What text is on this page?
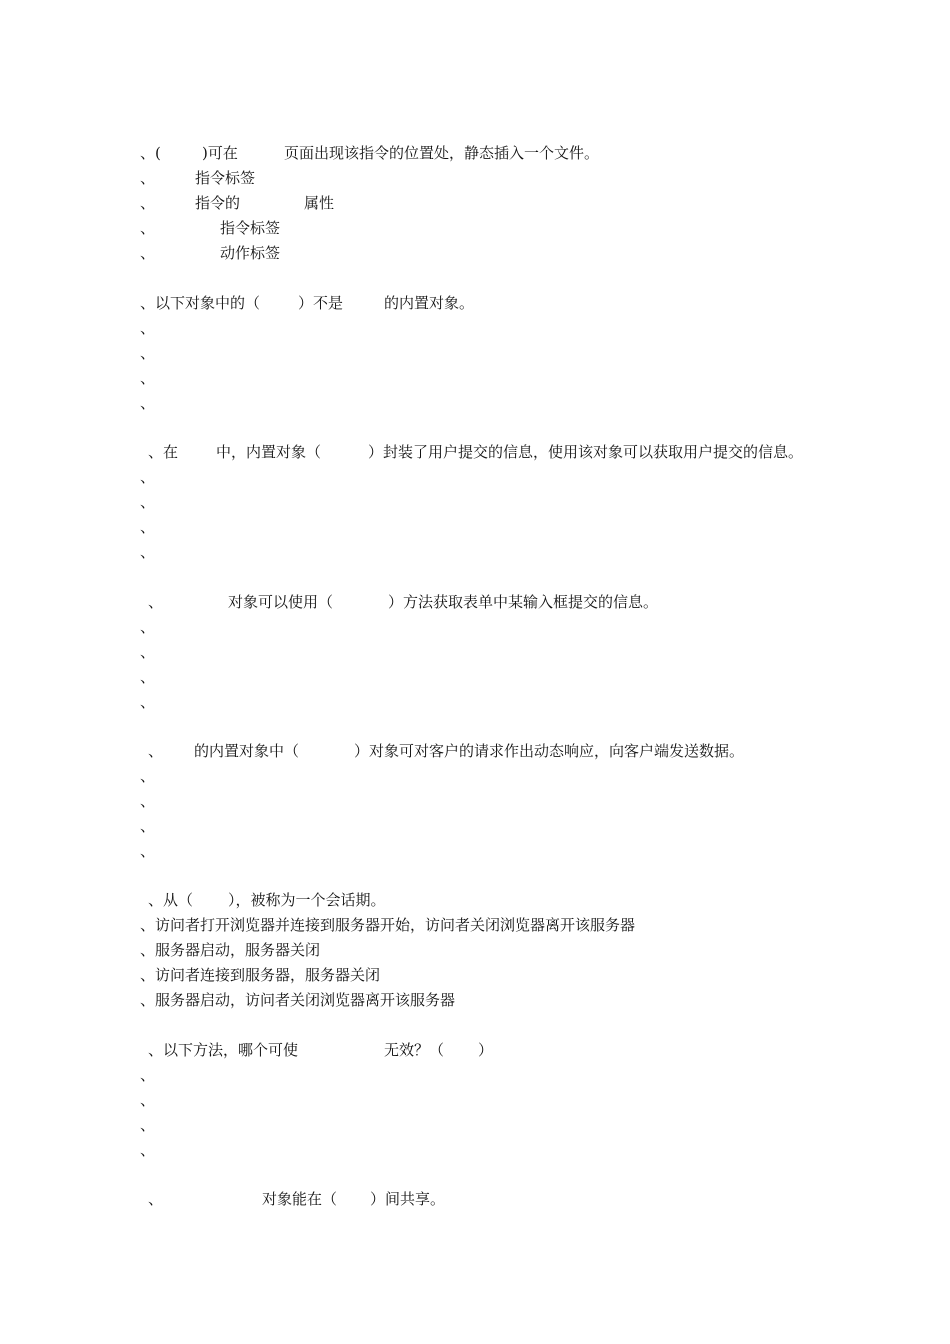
、(

	)可在

	页面出现该指令的位置处，静态插入一个文件。

、

	指令标签

、

	指令的

	属性

、

	指令标签

、

	动作标签

、以下对象中的（

	）不是

	的内置对象。

、
、
、
、

、在

	中，内置对象（

	）封装了用户提交的信息，使用该对象可以获取用户提交的信息。

、
、
、
、

、

	对象可以使用（

	）方法获取表单中某输入框提交的信息。

、
、
、
、

、

的内置对象中（

	）对象可对客户的请求作出动态响应，向客户端发送数据。

、
、
、
、

、从（

），被称为一个会话期。

、访问者打开浏览器并连接到服务器开始，访问者关闭浏览器离开该服务器
、服务器启动，服务器关闭
、访问者连接到服务器，服务器关闭
、服务器启动，访问者关闭浏览器离开该服务器

、以下方法，哪个可使

	无效？（

）

、
、
、
、

、

	对象能在（

）间共享。
